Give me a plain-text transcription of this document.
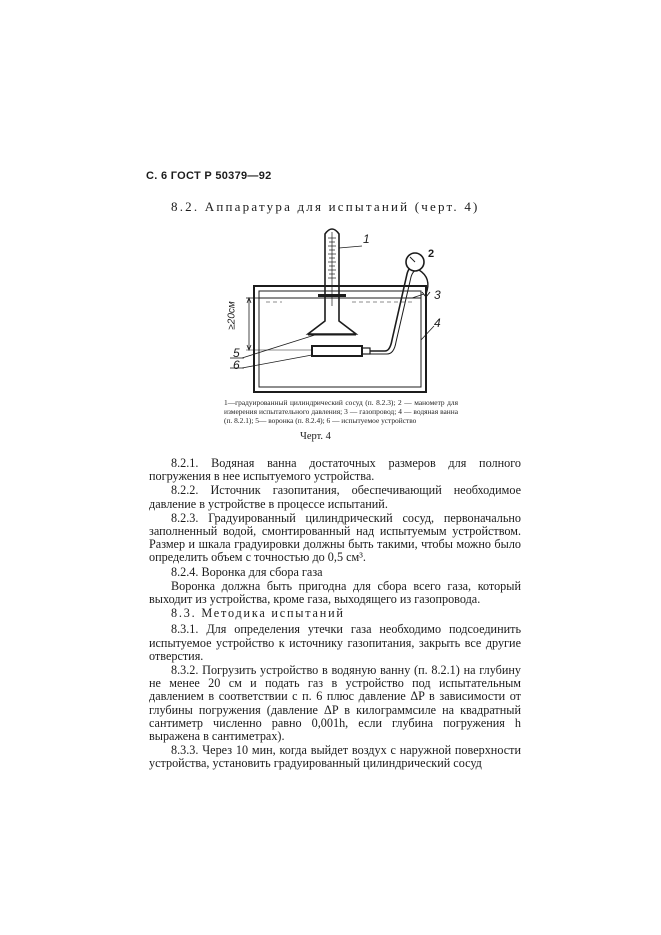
С. 6 ГОСТ Р 50379—92
8.2. Аппаратура для испытаний (черт. 4)
1
2
3
4
5
6
≥20см
1—градуированный цилиндрический сосуд (п. 8.2.3); 2 — манометр для измерения испытательного давления; 3 — газопровод; 4 — водяная ванна (п. 8.2.1); 5— воронка (п. 8.2.4); 6 — испытуемое устройство
Черт. 4

8.2.1. Водяная ванна достаточных размеров для полного погружения в нее испытуемого устройства.

8.2.2. Источник газопитания, обеспечивающий необходимое давление в устройстве в процессе испытаний.

8.2.3. Градуированный цилиндрический сосуд, первоначально заполненный водой, смонтированный над испытуемым устройством. Размер и шкала градуировки должны быть такими, чтобы можно было определить объем с точностью до 0,5 см³.

8.2.4. Воронка для сбора газа

Воронка должна быть пригодна для сбора всего газа, который выходит из устройства, кроме газа, выходящего из газопровода.

8.3. Методика испытаний

8.3.1. Для определения утечки газа необходимо подсоединить испытуемое устройство к источнику газопитания, закрыть все другие отверстия.

8.3.2. Погрузить устройство в водяную ванну (п. 8.2.1) на глубину не менее 20 см и подать газ в устройство под испытательным давлением в соответствии с п. 6 плюс давление ΔP в зависимости от глубины погружения (давление ΔP в килограммсиле на квадратный сантиметр численно равно 0,001h, если глубина погружения h выражена в сантиметрах).

8.3.3. Через 10 мин, когда выйдет воздух с наружной поверхности устройства, установить градуированный цилиндрический сосуд
